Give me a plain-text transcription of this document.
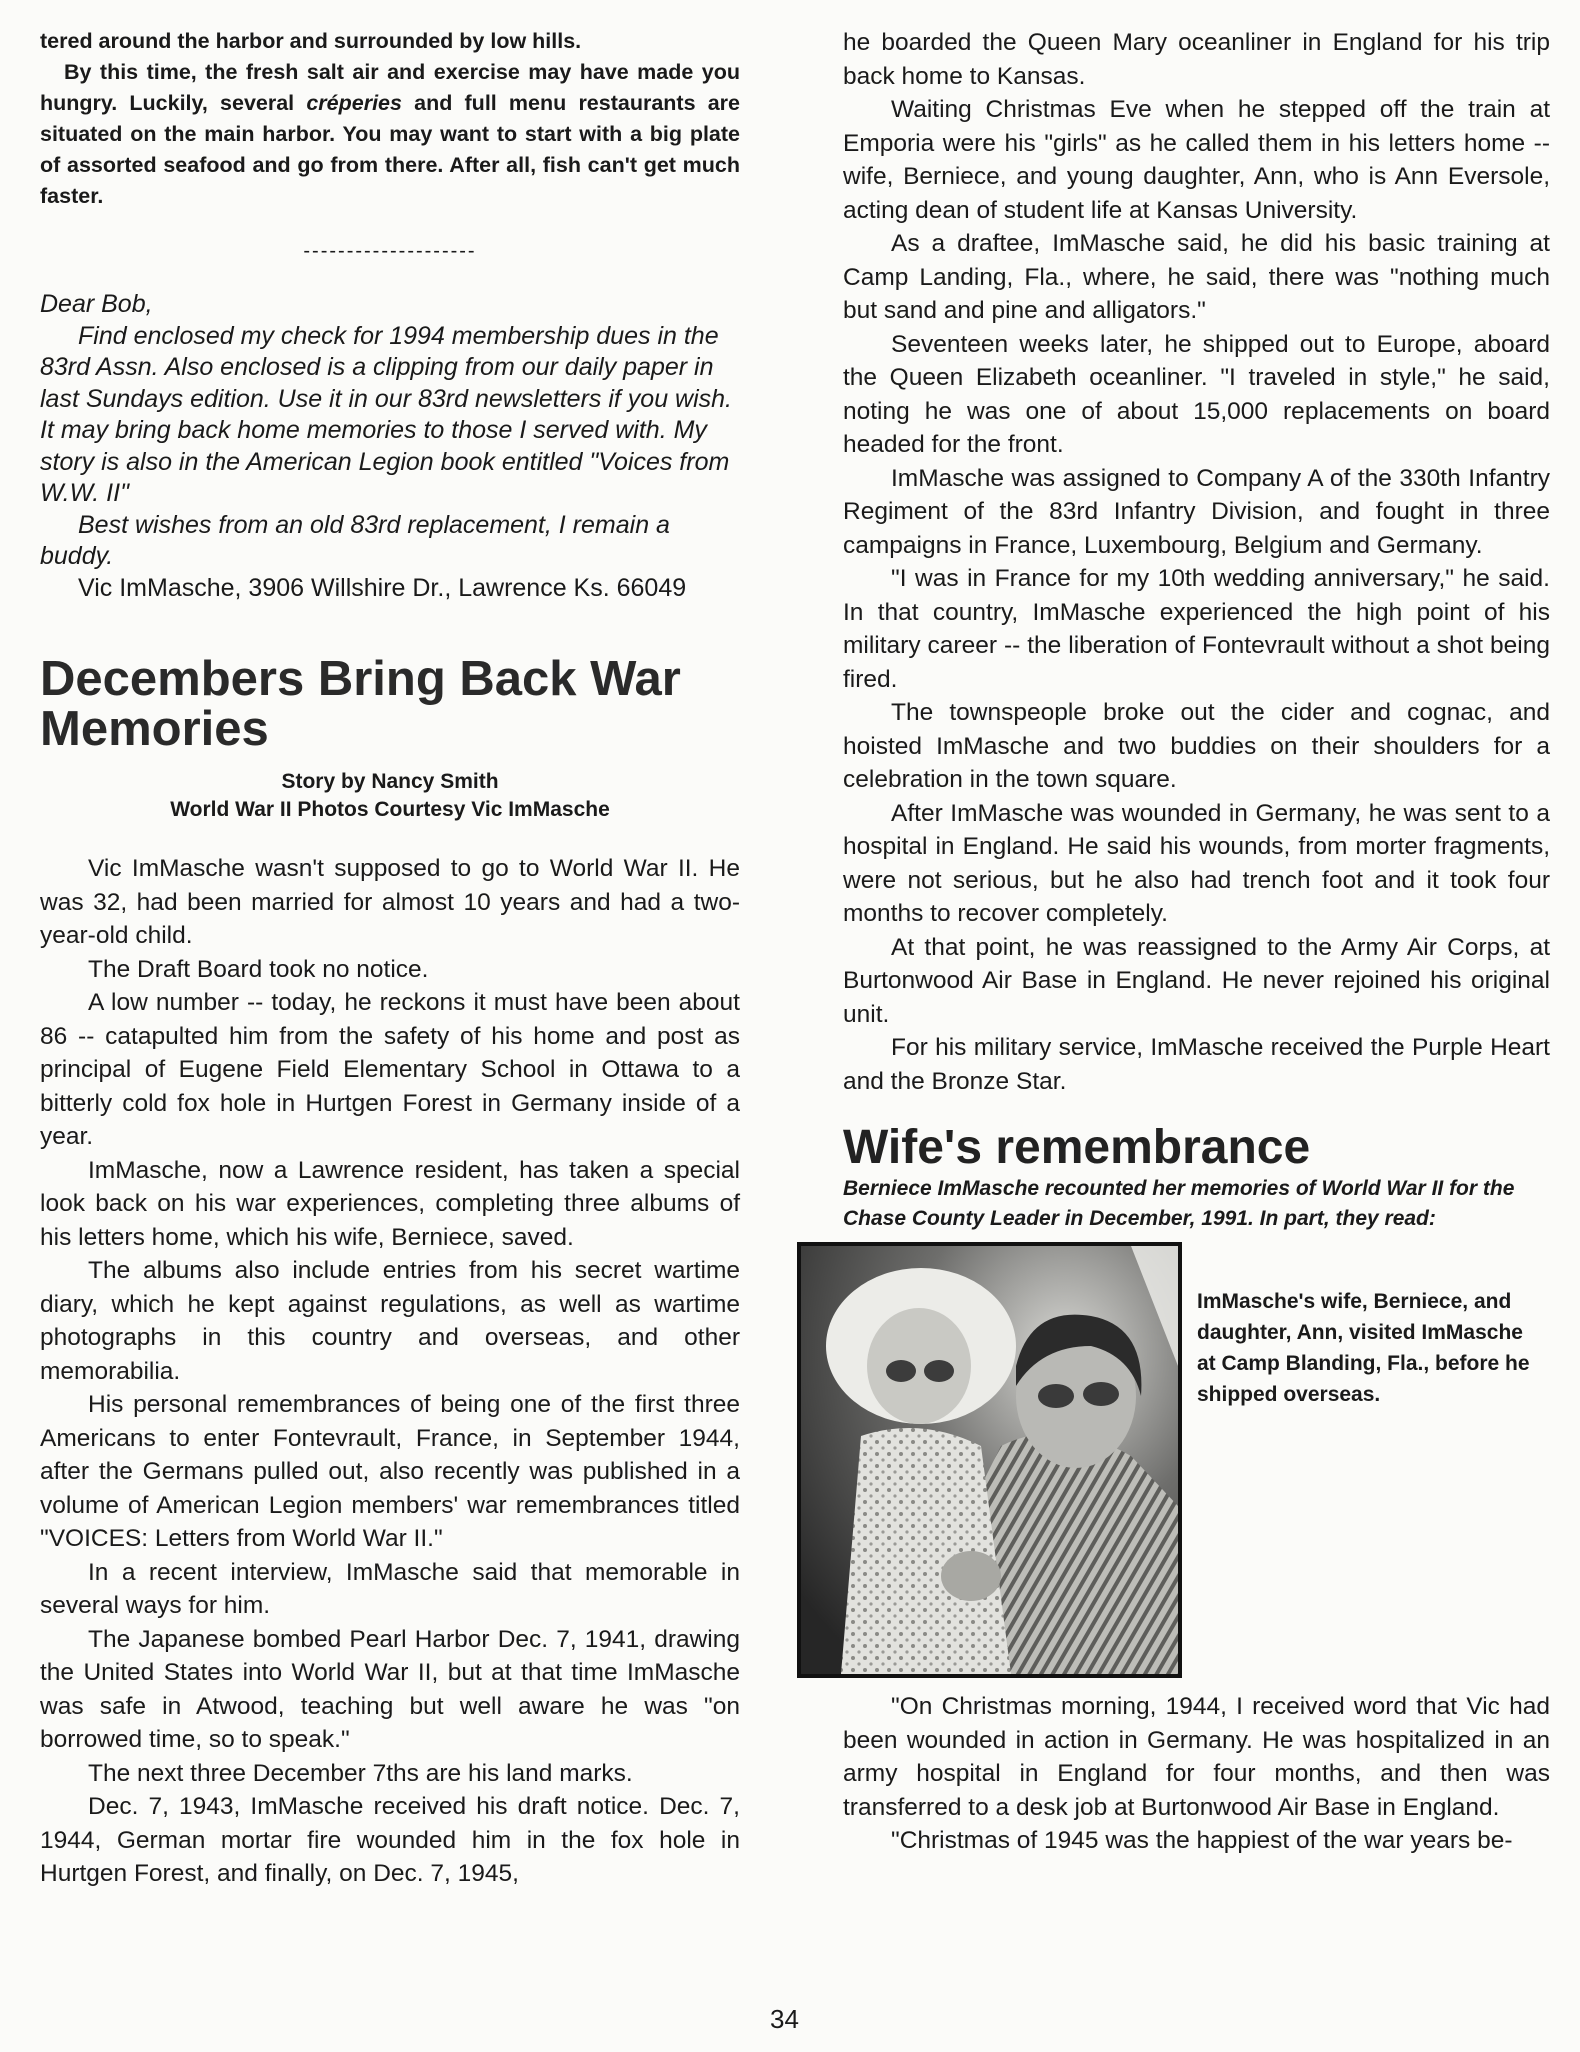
tered around the harbor and surrounded by low hills.

By this time, the fresh salt air and exercise may have made you hungry. Luckily, several créperies and full menu restaurants are situated on the main harbor. You may want to start with a big plate of assorted seafood and go from there. After all, fish can't get much faster.

--------------------

Dear Bob,

Find enclosed my check for 1994 membership dues in the 83rd Assn. Also enclosed is a clipping from our daily paper in last Sundays edition. Use it in our 83rd newsletters if you wish. It may bring back home memories to those I served with. My story is also in the American Legion book entitled "Voices from W.W. II"

Best wishes from an old 83rd replacement, I remain a buddy.

Vic ImMasche, 3906 Willshire Dr., Lawrence Ks. 66049

Decembers Bring Back War Memories
Story by Nancy Smith
World War II Photos Courtesy Vic ImMasche

Vic ImMasche wasn't supposed to go to World War II. He was 32, had been married for almost 10 years and had a two-year-old child.

The Draft Board took no notice.

A low number -- today, he reckons it must have been about 86 -- catapulted him from the safety of his home and post as principal of Eugene Field Elementary School in Ottawa to a bitterly cold fox hole in Hurtgen Forest in Germany inside of a year.

ImMasche, now a Lawrence resident, has taken a special look back on his war experiences, completing three albums of his letters home, which his wife, Berniece, saved.

The albums also include entries from his secret wartime diary, which he kept against regulations, as well as wartime photographs in this country and overseas, and other memorabilia.

His personal remembrances of being one of the first three Americans to enter Fontevrault, France, in September 1944, after the Germans pulled out, also recently was published in a volume of American Legion members' war remembrances titled "VOICES: Letters from World War II."

In a recent interview, ImMasche said that memorable in several ways for him.

The Japanese bombed Pearl Harbor Dec. 7, 1941, drawing the United States into World War II, but at that time ImMasche was safe in Atwood, teaching but well aware he was "on borrowed time, so to speak."

The next three December 7ths are his land marks.

Dec. 7, 1943, ImMasche received his draft notice. Dec. 7, 1944, German mortar fire wounded him in the fox hole in Hurtgen Forest, and finally, on Dec. 7, 1945,

he boarded the Queen Mary oceanliner in England for his trip back home to Kansas.

Waiting Christmas Eve when he stepped off the train at Emporia were his "girls" as he called them in his letters home -- wife, Berniece, and young daughter, Ann, who is Ann Eversole, acting dean of student life at Kansas University.

As a draftee, ImMasche said, he did his basic training at Camp Landing, Fla., where, he said, there was "nothing much but sand and pine and alligators."

Seventeen weeks later, he shipped out to Europe, aboard the Queen Elizabeth oceanliner. "I traveled in style," he said, noting he was one of about 15,000 replacements on board headed for the front.

ImMasche was assigned to Company A of the 330th Infantry Regiment of the 83rd Infantry Division, and fought in three campaigns in France, Luxembourg, Belgium and Germany.

"I was in France for my 10th wedding anniversary," he said. In that country, ImMasche experienced the high point of his military career -- the liberation of Fontevrault without a shot being fired.

The townspeople broke out the cider and cognac, and hoisted ImMasche and two buddies on their shoulders for a celebration in the town square.

After ImMasche was wounded in Germany, he was sent to a hospital in England. He said his wounds, from morter fragments, were not serious, but he also had trench foot and it took four months to recover completely.

At that point, he was reassigned to the Army Air Corps, at Burtonwood Air Base in England. He never rejoined his original unit.

For his military service, ImMasche received the Purple Heart and the Bronze Star.

Wife's remembrance

Berniece ImMasche recounted her memories of World War II for the Chase County Leader in December, 1991. In part, they read:

ImMasche's wife, Berniece, and daughter, Ann, visited ImMasche at Camp Blanding, Fla., before he shipped overseas.

"On Christmas morning, 1944, I received word that Vic had been wounded in action in Germany. He was hospitalized in an army hospital in England for four months, and then was transferred to a desk job at Burtonwood Air Base in England.

"Christmas of 1945 was the happiest of the war years be-

34
